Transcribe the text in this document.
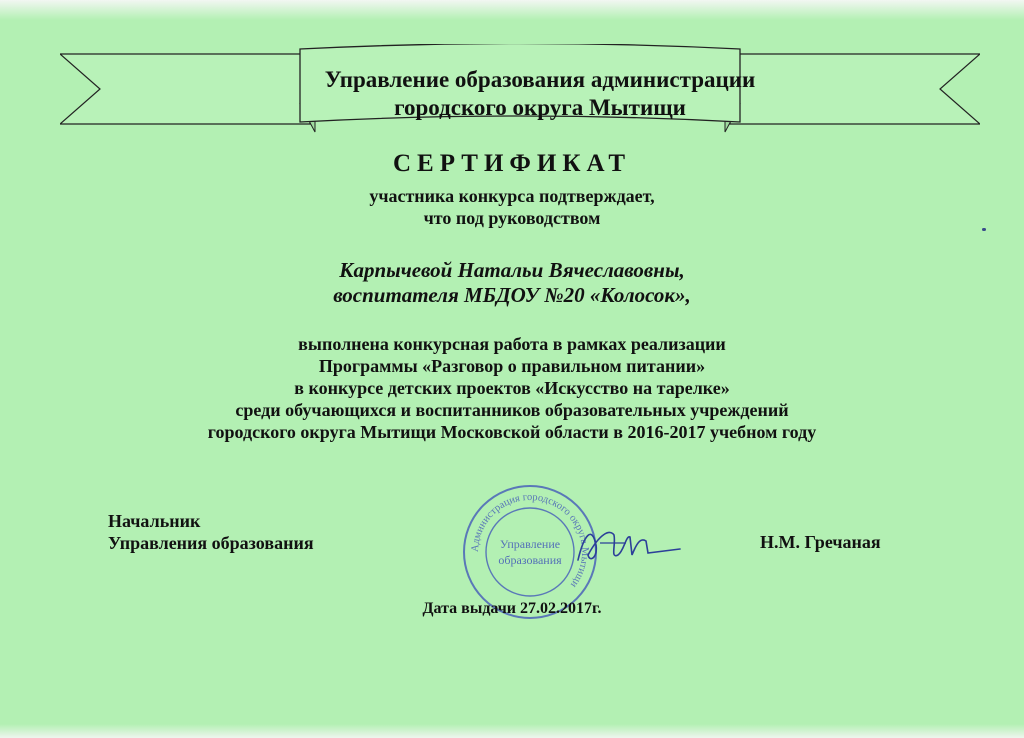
Управление образования администрации
городского округа Мытищи
СЕРТИФИКАТ
участника конкурса подтверждает,
что под руководством
Карпычевой Натальи Вячеславовны,
воспитателя МБДОУ №20 «Колосок»,
выполнена конкурсная работа в рамках реализации
Программы «Разговор о правильном питании»
в конкурсе детских проектов «Искусство на тарелке»
среди обучающихся и воспитанников образовательных учреждений
городского округа Мытищи Московской области в 2016-2017 учебном году
Начальник
Управления образования	Администрация городского округа Мытищи
Управление
образования
Н.М. Гречаная
Дата выдачи 27.02.2017г.
